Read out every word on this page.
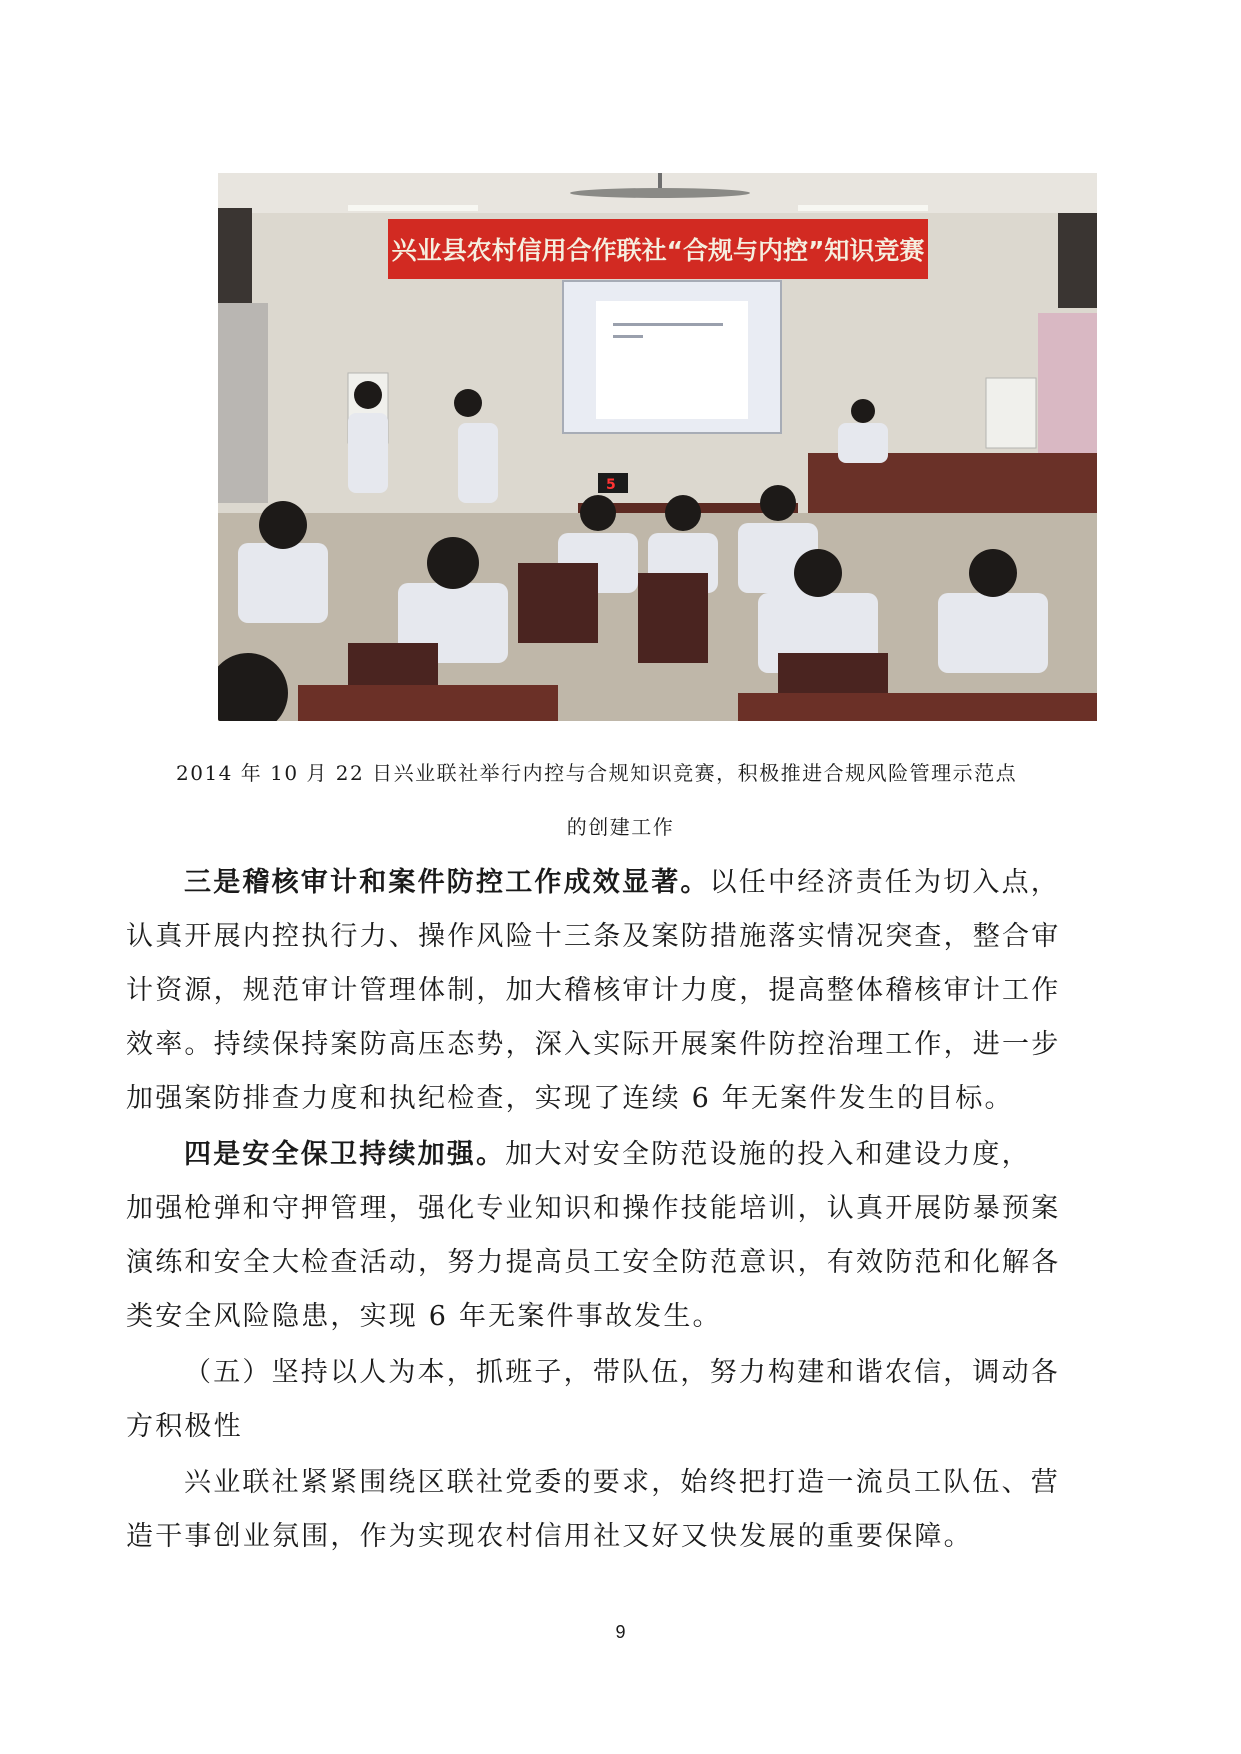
兴业县农村信用合作联社“合规与内控”知识竞赛
5
2014 年 10 月 22 日兴业联社举行内控与合规知识竞赛，积极推进合规风险管理示范点
的创建工作
三是稽核审计和案件防控工作成效显著。以任中经济责任为切入点，
认真开展内控执行力、操作风险十三条及案防措施落实情况突查，整合审
计资源，规范审计管理体制，加大稽核审计力度，提高整体稽核审计工作
效率。持续保持案防高压态势，深入实际开展案件防控治理工作，进一步
加强案防排查力度和执纪检查，实现了连续 6 年无案件发生的目标。
四是安全保卫持续加强。加大对安全防范设施的投入和建设力度，
加强枪弹和守押管理，强化专业知识和操作技能培训，认真开展防暴预案
演练和安全大检查活动，努力提高员工安全防范意识，有效防范和化解各
类安全风险隐患，实现 6 年无案件事故发生。
（五）坚持以人为本，抓班子，带队伍，努力构建和谐农信，调动各
方积极性
兴业联社紧紧围绕区联社党委的要求，始终把打造一流员工队伍、营
造干事创业氛围，作为实现农村信用社又好又快发展的重要保障。
9
